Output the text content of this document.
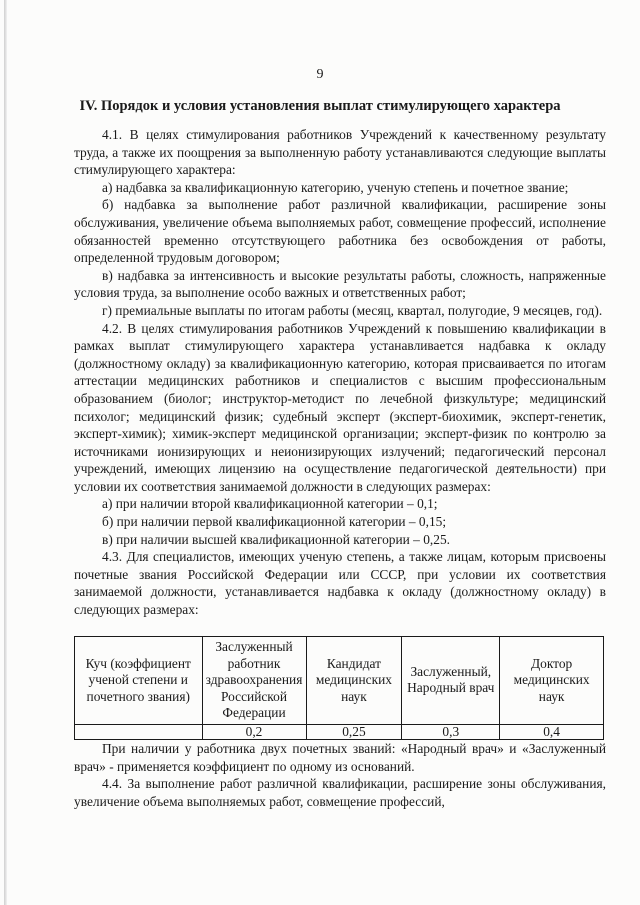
9
IV. Порядок и условия установления выплат стимулирующего характера

4.1. В целях стимулирования работников Учреждений к качественному результату труда, а также их поощрения за выполненную работу устанавливаются следующие выплаты стимулирующего характера:

а) надбавка за квалификационную категорию, ученую степень и почетное звание;

б) надбавка за выполнение работ различной квалификации, расширение зоны обслуживания, увеличение объема выполняемых работ, совмещение профессий, исполнение обязанностей временно отсутствующего работника без освобождения от работы, определенной трудовым договором;

в) надбавка за интенсивность и высокие результаты работы, сложность, напряженные условия труда, за выполнение особо важных и ответственных работ;

г) премиальные выплаты по итогам работы (месяц, квартал, полугодие, 9 месяцев, год).

4.2. В целях стимулирования работников Учреждений к повышению квалификации в рамках выплат стимулирующего характера устанавливается надбавка к окладу (должностному окладу) за квалификационную категорию, которая присваивается по итогам аттестации медицинских работников и специалистов с высшим профессиональным образованием (биолог; инструктор-методист по лечебной физкультуре; медицинский психолог; медицинский физик; судебный эксперт (эксперт-биохимик, эксперт-генетик, эксперт-химик); химик-эксперт медицинской организации; эксперт-физик по контролю за источниками ионизирующих и неионизирующих излучений; педагогический персонал учреждений, имеющих лицензию на осуществление педагогической деятельности) при условии их соответствия занимаемой должности в следующих размерах:

а) при наличии второй квалификационной категории – 0,1;

б) при наличии первой квалификационной категории – 0,15;

в) при наличии высшей квалификационной категории – 0,25.

4.3. Для специалистов, имеющих ученую степень, а также лицам, которым присвоены почетные звания Российской Федерации или СССР, при условии их соответствия занимаемой должности, устанавливается надбавка к окладу (должностному окладу) в следующих размерах:

Куч (коэффициент ученой степени и почетного звания)	Заслуженный работник здравоохранения Российской Федерации	Кандидат медицинских наук	Заслуженный, Народный врач	Доктор медицинских наук
	0,2	0,25	0,3	0,4

При наличии у работника двух почетных званий: «Народный врач» и «Заслуженный врач» - применяется коэффициент по одному из оснований.

4.4. За выполнение работ различной квалификации, расширение зоны обслуживания, увеличение объема выполняемых работ, совмещение профессий,
